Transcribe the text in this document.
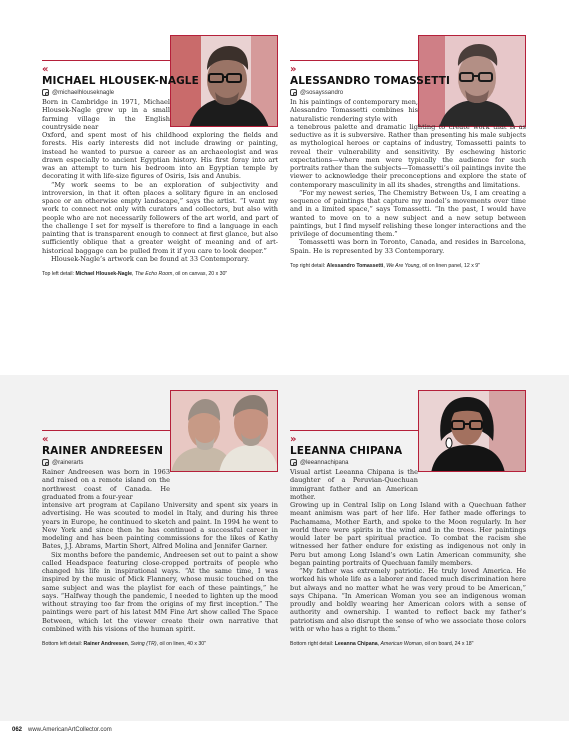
«
MICHAEL HLOUSEK-NAGLE
@michaelhlouseknagle

Born in Cambridge in 1971, Michael Hlousek-Nagle grew up in a small farming village in the English countryside near

Oxford, and spent most of his childhood exploring the fields and forests. His early interests did not include drawing or painting, instead he wanted to pursue a career as an archaeologist and was drawn especially to ancient Egyptian history. His first foray into art was an attempt to turn his bedroom into an Egyptian temple by decorating it with life-size figures of Osiris, Isis and Anubis.

“My work seems to be an exploration of subjectivity and introversion, in that it often places a solitary figure in an enclosed space or an otherwise empty landscape,” says the artist. “I want my work to connect not only with curators and collectors, but also with people who are not necessarily followers of the art world, and part of the challenge I set for myself is therefore to find a language in each painting that is transparent enough to connect at first glance, but also sufficiently oblique that a greater weight of meaning and of art-historical baggage can be pulled from it if you care to look deeper.”

Hlousek-Nagle’s artwork can be found at 33 Contemporary.

Top left detail: Michael Hlousek-Nagle, The Echo Room, oil on canvas, 20 x 30"
»
ALESSANDRO TOMASSETTI
@sosayssandro

In his paintings of contemporary men, Alessandro Tomassetti combines his naturalistic rendering style with

a tenebrous palette and dramatic lighting to create work that is as seductive as it is subversive. Rather than presenting his male subjects as mythological heroes or captains of industry, Tomassetti paints to reveal their vulnerability and sensitivity. By eschewing historic expectations—where men were typically the audience for such portraits rather than the subjects—Tomassetti’s oil paintings invite the viewer to acknowledge their preconceptions and explore the state of contemporary masculinity in all its shades, strengths and limitations.

“For my newest series, The Chemistry Between Us, I am creating a sequence of paintings that capture my model’s movements over time and in a limited space,” says Tomassetti. “In the past, I would have wanted to move on to a new subject and a new setup between paintings, but I find myself relishing these longer interactions and the privilege of documenting them.”

Tomassetti was born in Toronto, Canada, and resides in Barcelona, Spain. He is represented by 33 Contemporary.

Top right detail: Alessandro Tomassetti, We Are Young, oil on linen panel, 12 x 9"
«
RAINER ANDREESEN
@rainerarts

Rainer Andreesen was born in 1963 and raised on a remote island on the northwest coast of Canada. He graduated from a four-year

intensive art program at Capilano University and spent six years in advertising. He was scouted to model in Italy, and during his three years in Europe, he continued to sketch and paint. In 1994 he went to New York and since then he has continued a successful career in modeling and has been painting commissions for the likes of Kathy Bates, J.J. Abrams, Martin Short, Alfred Molina and Jennifer Garner.

Six months before the pandemic, Andreesen set out to paint a show called Headspace featuring close-cropped portraits of people who changed his life in inspirational ways. “At the same time, I was inspired by the music of Mick Flannery, whose music touched on the same subject and was the playlist for each of these paintings,” he says. “Halfway though the pandemic, I needed to lighten up the mood without straying too far from the origins of my first inception.” The paintings were part of his latest MM Fine Art show called The Space Between, which let the viewer create their own narrative that combined with his visions of the human spirit.

Bottom left detail: Rainer Andreesen, Swing (TR), oil on linen, 40 x 30"
»
LEEANNA CHIPANA
@leeannachipana

Visual artist Leeanna Chipana is the daughter of a Peruvian-Quechuan immigrant father and an American mother.

Growing up in Central Islip on Long Island with a Quechuan father meant animism was part of her life. Her father made offerings to Pachamama, Mother Earth, and spoke to the Moon regularly. In her world there were spirits in the wind and in the trees. Her paintings would later be part spiritual practice. To combat the racism she witnessed her father endure for existing as indigenous not only in Peru but among Long Island’s own Latin American community, she began painting portraits of Quechuan family members.

“My father was extremely patriotic. He truly loved America. He worked his whole life as a laborer and faced much discrimination here but always and no matter what he was very proud to be American,” says Chipana. “In American Woman you see an indigenous woman proudly and boldly wearing her American colors with a sense of authority and ownership. I wanted to reflect back my father’s patriotism and also disrupt the sense of who we associate those colors with or who has a right to them.”

Bottom right detail: Leeanna Chipana, American Woman, oil on board, 24 x 18"
062 www.AmericanArtCollector.com
